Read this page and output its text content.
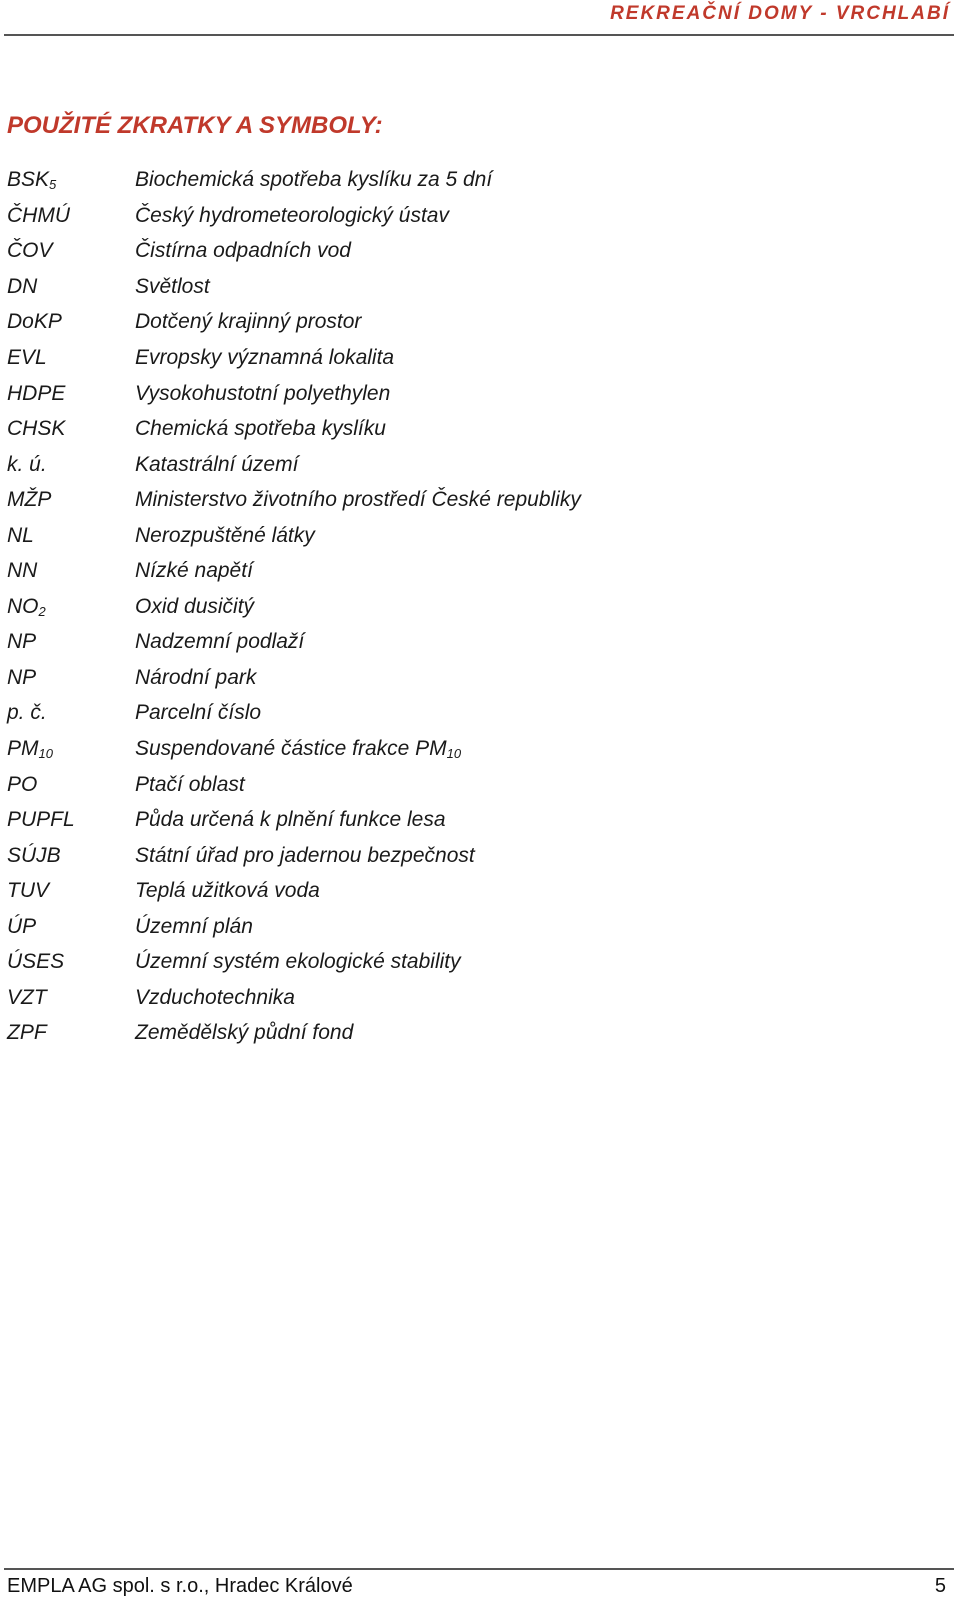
REKREAČNÍ DOMY - VRCHLABÍ
POUŽITÉ ZKRATKY A SYMBOLY:
$BSK_5$	Biochemická spotřeba kyslíku za 5 dní
ČHMÚ	Český hydrometeorologický ústav
ČOV	Čistírna odpadních vod
DN	Světlost
DoKP	Dotčený krajinný prostor
EVL	Evropsky významná lokalita
HDPE	Vysokohustotní polyethylen
CHSK	Chemická spotřeba kyslíku
k. ú.	Katastrální území
MŽP	Ministerstvo životního prostředí České republiky
NL	Nerozpuštěné látky
NN	Nízké napětí
$NO_2$	Oxid dusičitý
NP	Nadzemní podlaží
NP	Národní park
p. č.	Parcelní číslo
$PM_{10}$	Suspendované částice frakce $PM_{10}$
PO	Ptačí oblast
PUPFL	Půda určená k plnění funkce lesa
SÚJB	Státní úřad pro jadernou bezpečnost
TUV	Teplá užitková voda
ÚP	Územní plán
ÚSES	Územní systém ekologické stability
VZT	Vzduchotechnika
ZPF	Zemědělský půdní fond
EMPLA AG spol. s r.o., Hradec Králové	5
